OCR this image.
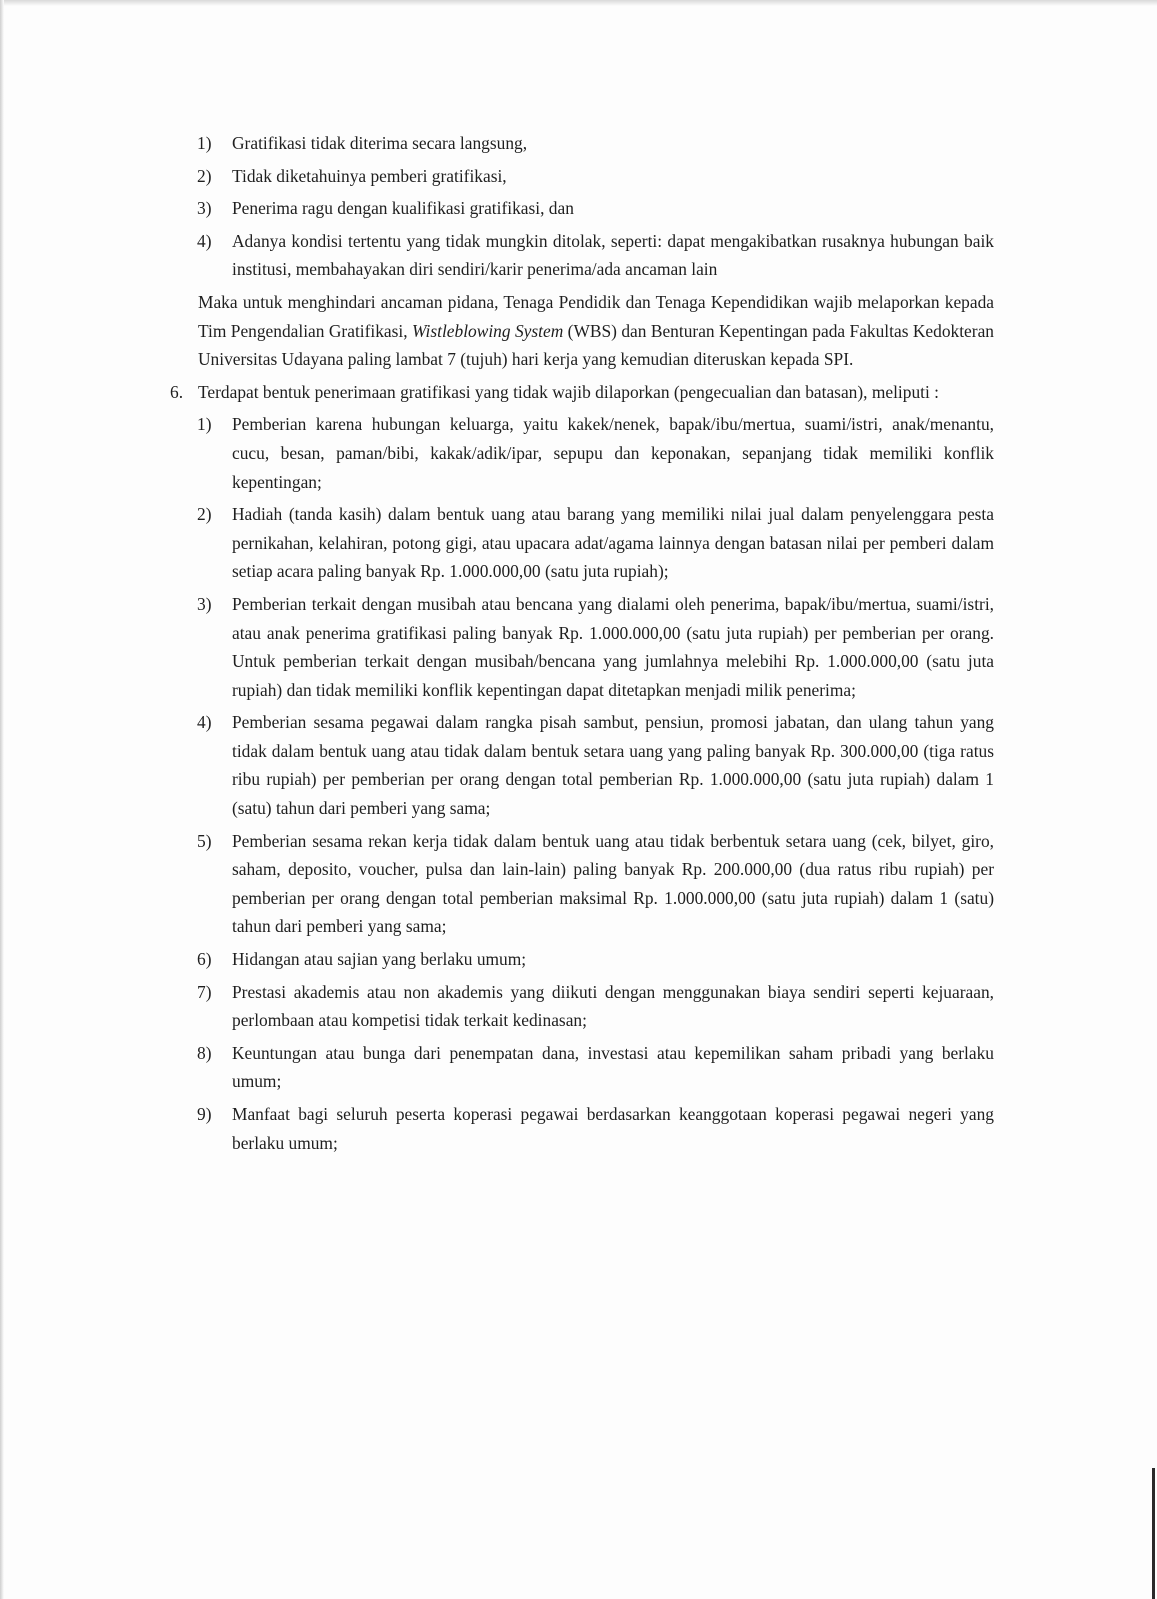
1) Gratifikasi tidak diterima secara langsung,
2) Tidak diketahuinya pemberi gratifikasi,
3) Penerima ragu dengan kualifikasi gratifikasi, dan
4) Adanya kondisi tertentu yang tidak mungkin ditolak, seperti: dapat mengakibatkan rusaknya hubungan baik institusi, membahayakan diri sendiri/karir penerima/ada ancaman lain
Maka untuk menghindari ancaman pidana, Tenaga Pendidik dan Tenaga Kependidikan wajib melaporkan kepada Tim Pengendalian Gratifikasi, Wistleblowing System (WBS) dan Benturan Kepentingan pada Fakultas Kedokteran Universitas Udayana paling lambat 7 (tujuh) hari kerja yang kemudian diteruskan kepada SPI.
6. Terdapat bentuk penerimaan gratifikasi yang tidak wajib dilaporkan (pengecualian dan batasan), meliputi :
1) Pemberian karena hubungan keluarga, yaitu kakek/nenek, bapak/ibu/mertua, suami/istri, anak/menantu, cucu, besan, paman/bibi, kakak/adik/ipar, sepupu dan keponakan, sepanjang tidak memiliki konflik kepentingan;
2) Hadiah (tanda kasih) dalam bentuk uang atau barang yang memiliki nilai jual dalam penyelenggara pesta pernikahan, kelahiran, potong gigi, atau upacara adat/agama lainnya dengan batasan nilai per pemberi dalam setiap acara paling banyak Rp. 1.000.000,00 (satu juta rupiah);
3) Pemberian terkait dengan musibah atau bencana yang dialami oleh penerima, bapak/ibu/mertua, suami/istri, atau anak penerima gratifikasi paling banyak Rp. 1.000.000,00 (satu juta rupiah) per pemberian per orang. Untuk pemberian terkait dengan musibah/bencana yang jumlahnya melebihi Rp. 1.000.000,00 (satu juta rupiah) dan tidak memiliki konflik kepentingan dapat ditetapkan menjadi milik penerima;
4) Pemberian sesama pegawai dalam rangka pisah sambut, pensiun, promosi jabatan, dan ulang tahun yang tidak dalam bentuk uang atau tidak dalam bentuk setara uang yang paling banyak Rp. 300.000,00 (tiga ratus ribu rupiah) per pemberian per orang dengan total pemberian Rp. 1.000.000,00 (satu juta rupiah) dalam 1 (satu) tahun dari pemberi yang sama;
5) Pemberian sesama rekan kerja tidak dalam bentuk uang atau tidak berbentuk setara uang (cek, bilyet, giro, saham, deposito, voucher, pulsa dan lain-lain) paling banyak Rp. 200.000,00 (dua ratus ribu rupiah) per pemberian per orang dengan total pemberian maksimal Rp. 1.000.000,00 (satu juta rupiah) dalam 1 (satu) tahun dari pemberi yang sama;
6) Hidangan atau sajian yang berlaku umum;
7) Prestasi akademis atau non akademis yang diikuti dengan menggunakan biaya sendiri seperti kejuaraan, perlombaan atau kompetisi tidak terkait kedinasan;
8) Keuntungan atau bunga dari penempatan dana, investasi atau kepemilikan saham pribadi yang berlaku umum;
9) Manfaat bagi seluruh peserta koperasi pegawai berdasarkan keanggotaan koperasi pegawai negeri yang berlaku umum;
